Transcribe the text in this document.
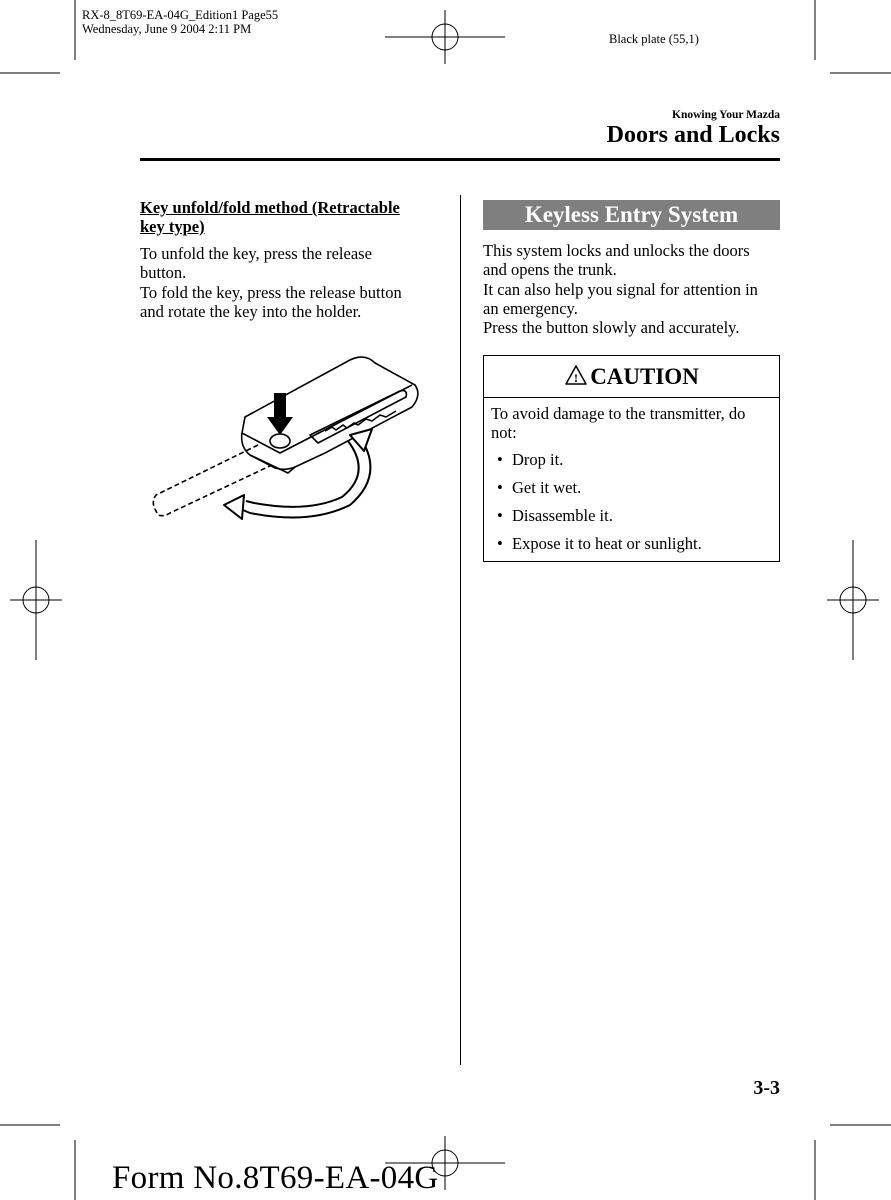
RX-8_8T69-EA-04G_Edition1 Page55
Wednesday, June 9 2004 2:11 PM
Black plate (55,1)
Knowing Your Mazda
Doors and Locks
Key unfold/fold method (Retractable key type)
To unfold the key, press the release
button.
To fold the key, press the release button
and rotate the key into the holder.
Keyless Entry System
This system locks and unlocks the doors
and opens the trunk.
It can also help you signal for attention in
an emergency.
Press the button slowly and accurately.
! CAUTION
To avoid damage to the transmitter, do not:
• Drop it.
• Get it wet.
• Disassemble it.
• Expose it to heat or sunlight.
3-3
Form No.8T69-EA-04G
